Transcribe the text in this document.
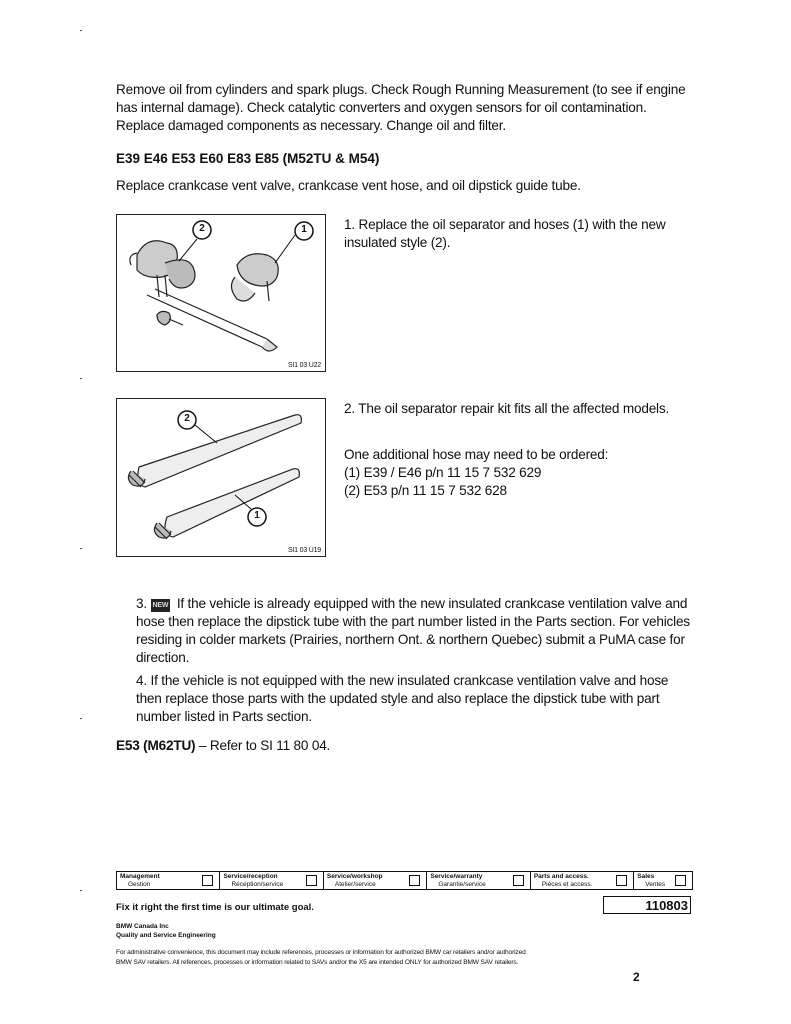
Remove oil from cylinders and spark plugs. Check Rough Running Measurement (to see if engine has internal damage). Check catalytic converters and oxygen sensors for oil contamination. Replace damaged components as necessary. Change oil and filter.
E39 E46 E53 E60 E83 E85 (M52TU & M54)
Replace crankcase vent valve, crankcase vent hose, and oil dipstick guide tube.
2	1
SI1 03 U22
1. Replace the oil separator and hoses (1) with the new insulated style (2).
2
1
SI1 03 U19
2. The oil separator repair kit fits all the affected models.
One additional hose may need to be ordered:
(1) E39 / E46 p/n 11 15 7 532 629
(2) E53 p/n 11 15 7 532 628
3. NEW If the vehicle is already equipped with the new insulated crankcase ventilation valve and hose then replace the dipstick tube with the part number listed in the Parts section. For vehicles residing in colder markets (Prairies, northern Ont. & northern Quebec) submit a PuMA case for direction.
4. If the vehicle is not equipped with the new insulated crankcase ventilation valve and hose then replace those parts with the updated style and also replace the dipstick tube with part number listed in Parts section.
E53 (M62TU) – Refer to SI 11 80 04.
Management
Gestion
Service/reception
Réception/service
Service/workshop
Atelier/service
Service/warranty
Garantie/service
Parts and access.
Pièces et access.
Sales
Ventes
Fix it right the first time is our ultimate goal.	110803
BMW Canada Inc
Quality and Service Engineering
For administrative convenience, this document may include references, processes or information for authorized BMW car retailers and/or authorized
BMW SAV retailers. All references, processes or information related to SAVs and/or the X5 are intended ONLY for authorized BMW SAV retailers.
2
